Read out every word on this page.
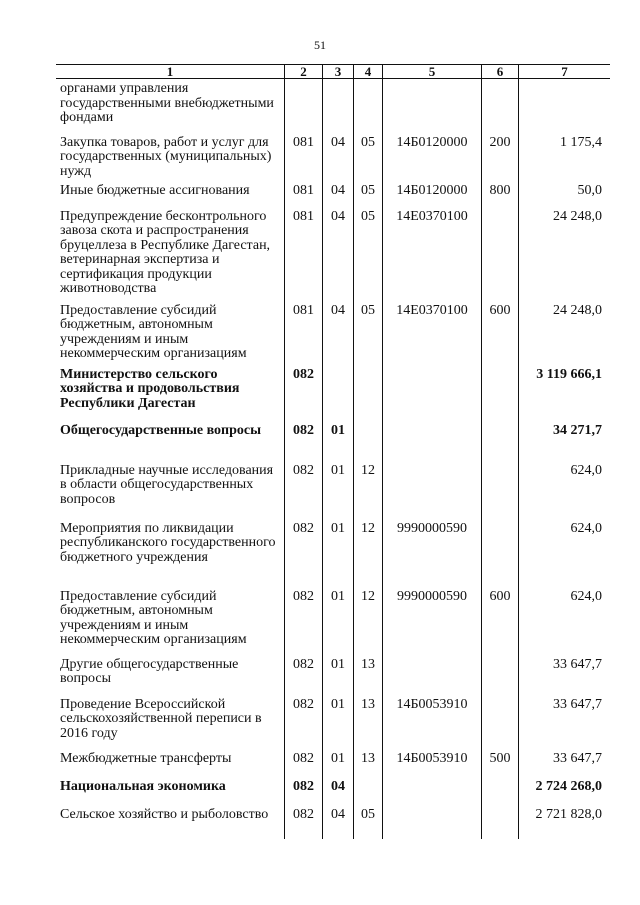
51
1	2	3	4	5	6	7
органами управления государственными внебюджетными фондами						
Закупка товаров, работ и услуг для государственных (муниципальных) нужд	081	04	05	14Б0120000	200	1 175,4
Иные бюджетные ассигнования	081	04	05	14Б0120000	800	50,0
Предупреждение бесконтрольного завоза скота и распространения бруцеллеза в Республике Дагестан, ветеринарная экспертиза и сертификация продукции животноводства	081	04	05	14Е0370100		24 248,0
Предоставление субсидий бюджетным, автономным учреждениям и иным некоммерческим организациям	081	04	05	14Е0370100	600	24 248,0
Министерство сельского хозяйства и продовольствия Республики Дагестан	082					3 119 666,1
Общегосударственные вопросы	082	01				34 271,7
Прикладные научные исследования в области общегосударственных вопросов	082	01	12			624,0
Мероприятия по ликвидации республиканского государственного бюджетного учреждения	082	01	12	9990000590		624,0
Предоставление субсидий бюджетным, автономным учреждениям и иным некоммерческим организациям	082	01	12	9990000590	600	624,0
Другие общегосударственные вопросы	082	01	13			33 647,7
Проведение Всероссийской сельскохозяйственной переписи в 2016 году	082	01	13	14Б0053910		33 647,7
Межбюджетные трансферты	082	01	13	14Б0053910	500	33 647,7
Национальная экономика	082	04				2 724 268,0
Сельское хозяйство и рыболовство	082	04	05			2 721 828,0
